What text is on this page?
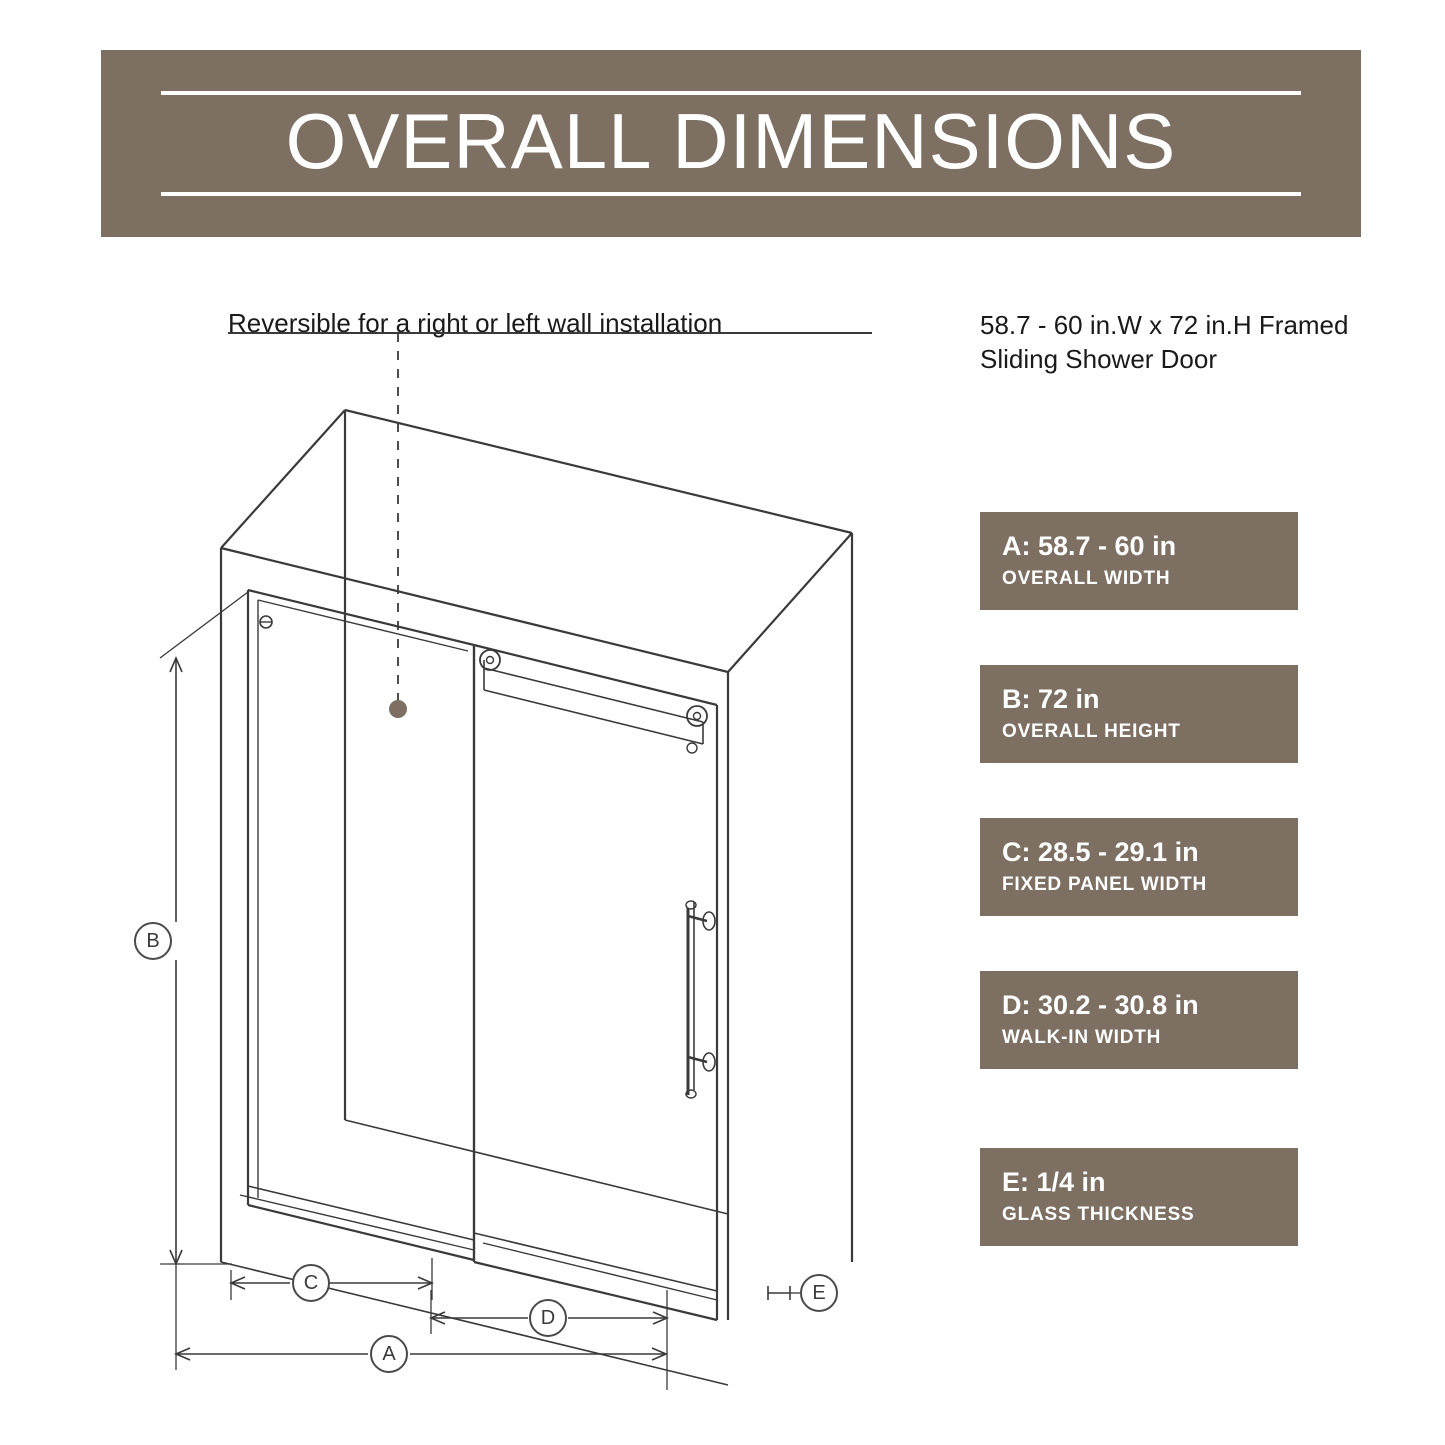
OVERALL DIMENSIONS
Reversible for a right or left wall installation	58.7 - 60 in.W x 72 in.H Framed Sliding Shower Door
A: 58.7 - 60 in
OVERALL WIDTH
B: 72 in
OVERALL HEIGHT
C: 28.5 - 29.1 in
FIXED PANEL WIDTH
D: 30.2 - 30.8 in
WALK-IN WIDTH
E: 1/4 in
GLASS THICKNESS
B
C
D
A
E
